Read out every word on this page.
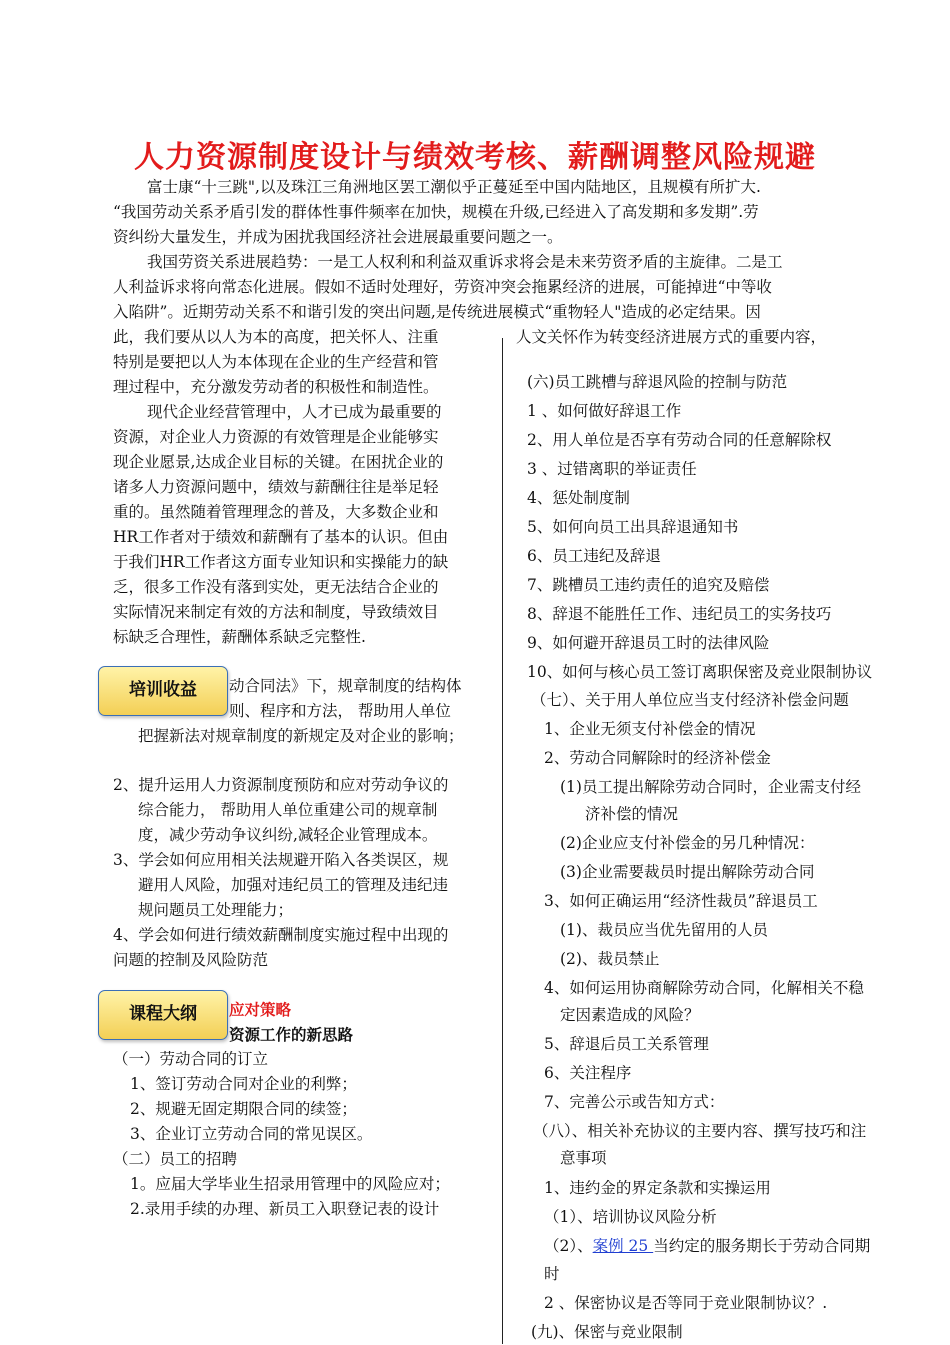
人力资源制度设计与绩效考核、薪酬调整风险规避
富士康“十三跳",以及珠江三角洲地区罢工潮似乎正蔓延至中国内陆地区，且规模有所扩大.
“我国劳动关系矛盾引发的群体性事件频率在加快，规模在升级,已经进入了高发期和多发期”.劳
资纠纷大量发生，并成为困扰我国经济社会进展最重要问题之一。
我国劳资关系进展趋势：一是工人权利和利益双重诉求将会是未来劳资矛盾的主旋律。二是工
人利益诉求将向常态化进展。假如不适时处理好，劳资冲突会拖累经济的进展，可能掉进“中等收
入陷阱”。近期劳动关系不和谐引发的突出问题,是传统进展模式“重物轻人"造成的必定结果。因
此，我们要从以人为本的高度，把关怀人、注重
特别是要把以人为本体现在企业的生产经营和管
理过程中，充分激发劳动者的积极性和制造性。
现代企业经营管理中，人才已成为最重要的
资源，对企业人力资源的有效管理是企业能够实
现企业愿景,达成企业目标的关键。在困扰企业的
诸多人力资源问题中，绩效与薪酬往往是举足轻
重的。虽然随着管理理念的普及，大多数企业和
HR工作者对于绩效和薪酬有了基本的认识。但由
于我们HR工作者这方面专业知识和实操能力的缺
乏，很多工作没有落到实处，更无法结合企业的
实际情况来制定有效的方法和制度，导致绩效目
标缺乏合理性，薪酬体系缺乏完整性.
动合同法》下，规章制度的结构体
则、程序和方法， 帮助用人单位
把握新法对规章制度的新规定及对企业的影响；
培训收益
2、提升运用人力资源制度预防和应对劳动争议的
综合能力， 帮助用人单位重建公司的规章制
度，减少劳动争议纠纷,减轻企业管理成本。
3、学会如何应用相关法规避开陷入各类误区，规
避用人风险，加强对违纪员工的管理及违纪违
规问题员工处理能力；
4、学会如何进行绩效薪酬制度实施过程中出现的
问题的控制及风险防范
应对策略
资源工作的新思路
课程大纲
（一）劳动合同的订立
1、签订劳动合同对企业的利弊；
2、规避无固定期限合同的续签；
3、企业订立劳动合同的常见误区。
（二）员工的招聘
1。应届大学毕业生招录用管理中的风险应对；
2.录用手续的办理、新员工入职登记表的设计
人文关怀作为转变经济进展方式的重要内容，
(六)员工跳槽与辞退风险的控制与防范
1 、如何做好辞退工作
2、用人单位是否享有劳动合同的任意解除权
3 、过错离职的举证责任
4、惩处制度制
5、如何向员工出具辞退通知书
6、员工违纪及辞退
7、跳槽员工违约责任的追究及赔偿
8、辞退不能胜任工作、违纪员工的实务技巧
9、如何避开辞退员工时的法律风险
10、如何与核心员工签订离职保密及竞业限制协议
（七）、关于用人单位应当支付经济补偿金问题
1、企业无须支付补偿金的情况
2、劳动合同解除时的经济补偿金
(1)员工提出解除劳动合同时，企业需支付经
济补偿的情况
(2)企业应支付补偿金的另几种情况：
(3)企业需要裁员时提出解除劳动合同
3、如何正确运用“经济性裁员”辞退员工
(1)、裁员应当优先留用的人员
(2)、裁员禁止
4、如何运用协商解除劳动合同，化解相关不稳
定因素造成的风险？
5、辞退后员工关系管理
6、关注程序
7、完善公示或告知方式：
（八）、相关补充协议的主要内容、撰写技巧和注
意事项
1、违约金的界定条款和实操运用
（1）、培训协议风险分析
（2）、案例 25 当约定的服务期长于劳动合同期
时
2 、保密协议是否等同于竞业限制协议？.
(九)、保密与竞业限制
